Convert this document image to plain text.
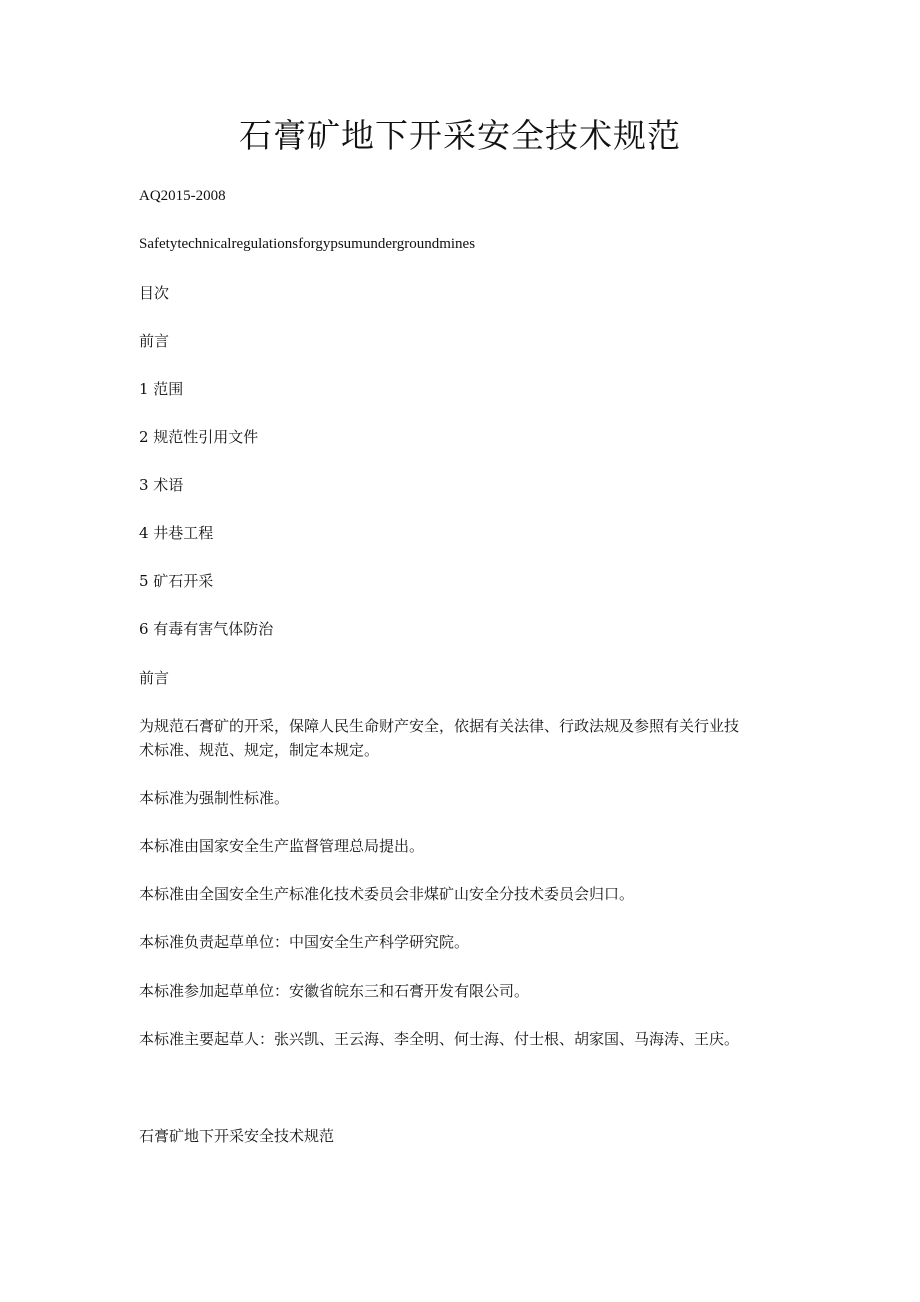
石膏矿地下开采安全技术规范
AQ2015-2008
Safetytechnicalregulationsforgypsumundergroundmines
目次
前言
1 范围
2 规范性引用文件
3 术语
4 井巷工程
5 矿石开采
6 有毒有害气体防治
前言
为规范石膏矿的开采，保障人民生命财产安全，依据有关法律、行政法规及参照有关行业技
术标准、规范、规定，制定本规定。
本标准为强制性标准。
本标准由国家安全生产监督管理总局提出。
本标准由全国安全生产标准化技术委员会非煤矿山安全分技术委员会归口。
本标准负责起草单位：中国安全生产科学研究院。
本标准参加起草单位：安徽省皖东三和石膏开发有限公司。
本标准主要起草人：张兴凯、王云海、李全明、何士海、付士根、胡家国、马海涛、王庆。
石膏矿地下开采安全技术规范
